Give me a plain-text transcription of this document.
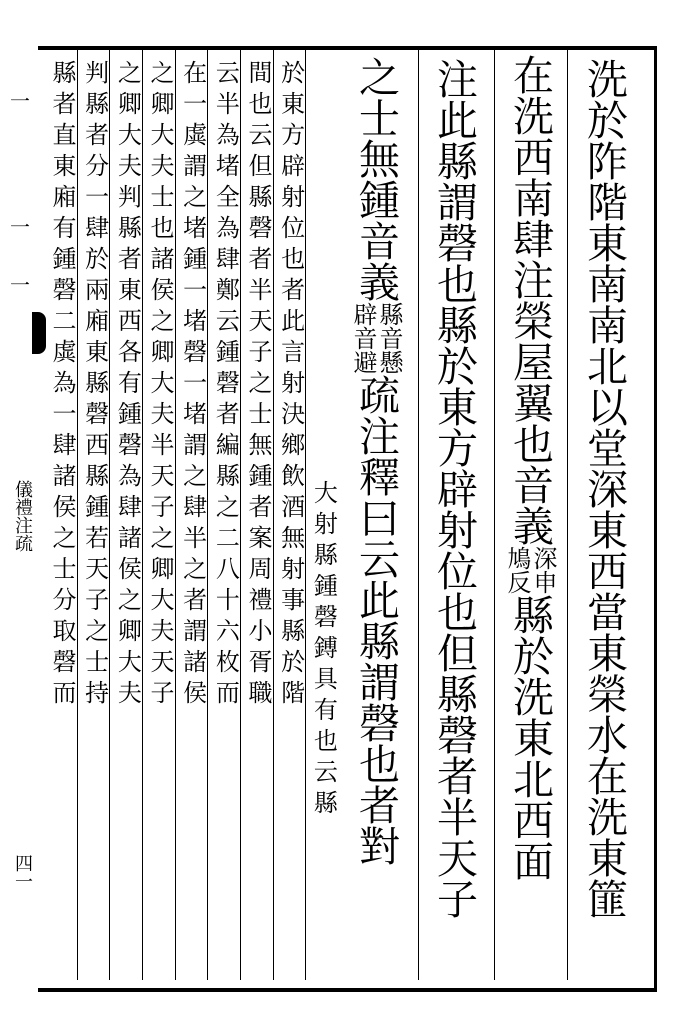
一
一
一
儀禮注疏
四一	洗於阼階東南南北以堂深東西當東榮水在洗東篚
在洗西南肆注榮屋翼也音義
深申
鳩反
縣於洗東北西面
注此縣謂磬也縣於東方辟射位也但縣磬者半天子
之士無鍾音義
縣音懸
辟音避
疏注釋曰云此縣謂磬也者對
大射縣鍾磬鎛具有也云縣
於東方辟射位也者此言射決鄉飲酒無射事縣於階
間也云但縣磬者半天子之士無鍾者案周禮小胥職
云半為堵全為肆鄭云鍾磬者編縣之二八十六枚而
在一虡謂之堵鍾一堵磬一堵謂之肆半之者謂諸侯
之卿大夫士也諸侯之卿大夫半天子之卿大夫天子
之卿大夫判縣者東西各有鍾磬為肆諸侯之卿大夫
判縣者分一肆於兩廂東縣磬西縣鍾若天子之士持
縣者直東廂有鍾磬二虡為一肆諸侯之士分取磬而
